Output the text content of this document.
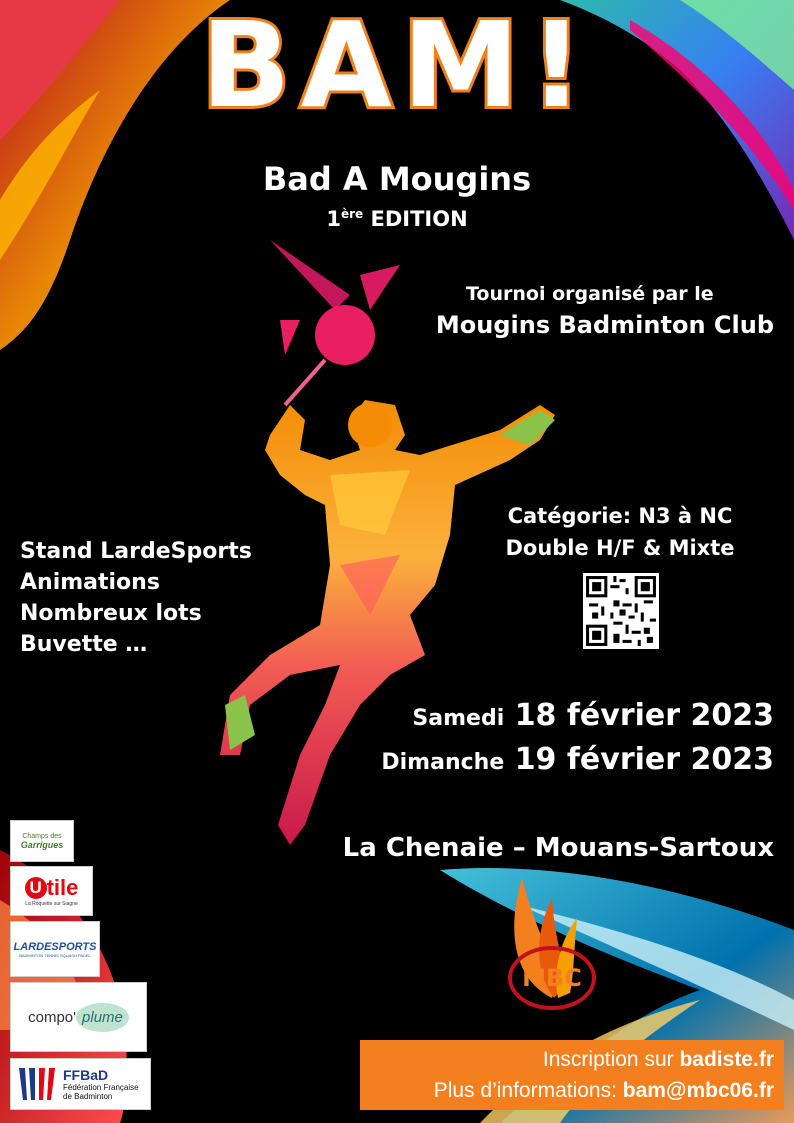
BAM!
Bad A Mougins
1ère EDITION
Tournoi organisé par le
Mougins Badminton Club
Catégorie: N3 à NC
Double H/F & Mixte
Stand LardeSports
Animations
Nombreux lots
Buvette …
Samedi 18 février 2023
Dimanche 19 février 2023
La Chenaie – Mouans-Sartoux
MBC
Champs des
Garrigues
U tile
La Roquette sur Siagne
LARDESPORTS
BADMINTON TENNIS SQUASH PADEL
compo ' plume
FFBaD
Fédération Française
de Badminton
Inscription sur badiste.fr
Plus d’informations: bam@mbc06.fr
